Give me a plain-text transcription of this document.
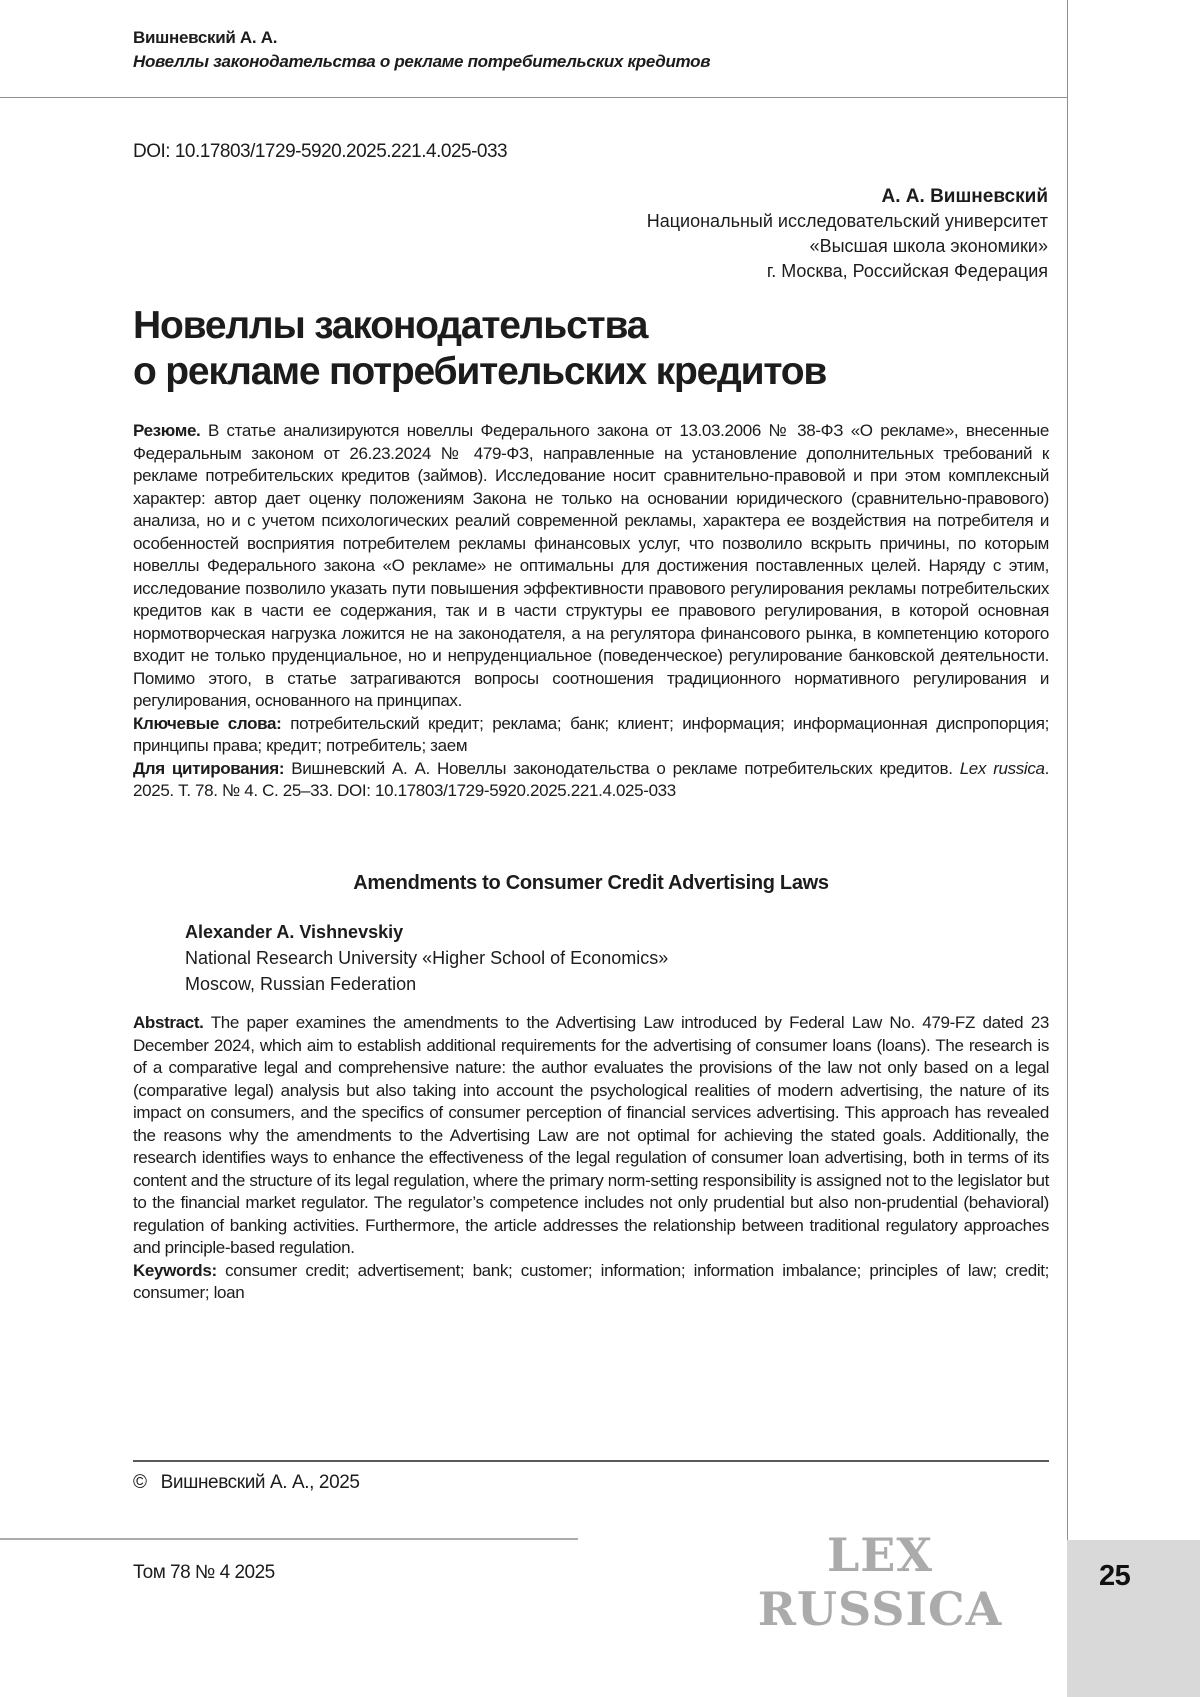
Вишневский А. А.
Новеллы законодательства о рекламе потребительских кредитов
DOI: 10.17803/1729-5920.2025.221.4.025-033
А. А. Вишневский
Национальный исследовательский университет
«Высшая школа экономики»
г. Москва, Российская Федерация
Новеллы законодательства
о рекламе потребительских кредитов

Резюме. В статье анализируются новеллы Федерального закона от 13.03.2006 № 38-ФЗ «О рекламе», внесенные Федеральным законом от 26.23.2024 № 479-ФЗ, направленные на установление дополнительных требований к рекламе потребительских кредитов (займов). Исследование носит сравнительно-правовой и при этом комплексный характер: автор дает оценку положениям Закона не только на основании юридического (сравнительно-правового) анализа, но и с учетом психологических реалий современной рекламы, характера ее воздействия на потребителя и особенностей восприятия потребителем рекламы финансовых услуг, что позволило вскрыть причины, по которым новеллы Федерального закона «О рекламе» не оптимальны для достижения поставленных целей. Наряду с этим, исследование позволило указать пути повышения эффективности правового регулирования рекламы потребительских кредитов как в части ее содержания, так и в части структуры ее правового регулирования, в которой основная нормотворческая нагрузка ложится не на законодателя, а на регулятора финансового рынка, в компетенцию которого входит не только пруденциальное, но и непруденциальное (поведенческое) регулирование банковской деятельности. Помимо этого, в статье затрагиваются вопросы соотношения традиционного нормативного регулирования и регулирования, основанного на принципах.

Ключевые слова: потребительский кредит; реклама; банк; клиент; информация; информационная диспропорция; принципы права; кредит; потребитель; заем

Для цитирования: Вишневский А. А. Новеллы законодательства о рекламе потребительских кредитов. Lex russica. 2025. Т. 78. № 4. С. 25–33. DOI: 10.17803/1729-5920.2025.221.4.025-033

Amendments to Consumer Credit Advertising Laws
Alexander A. Vishnevskiy
National Research University «Higher School of Economics»
Moscow, Russian Federation

Abstract. The paper examines the amendments to the Advertising Law introduced by Federal Law No. 479-FZ dated 23 December 2024, which aim to establish additional requirements for the advertising of consumer loans (loans). The research is of a comparative legal and comprehensive nature: the author evaluates the provisions of the law not only based on a legal (comparative legal) analysis but also taking into account the psychological realities of modern advertising, the nature of its impact on consumers, and the specifics of consumer perception of financial services advertising. This approach has revealed the reasons why the amendments to the Advertising Law are not optimal for achieving the stated goals. Additionally, the research identifies ways to enhance the effectiveness of the legal regulation of consumer loan advertising, both in terms of its content and the structure of its legal regulation, where the primary norm-setting responsibility is assigned not to the legislator but to the financial market regulator. The regulator’s competence includes not only prudential but also non-prudential (behavioral) regulation of banking activities. Furthermore, the article addresses the relationship between traditional regulatory approaches and principle-based regulation.

Keywords: consumer credit; advertisement; bank; customer; information; information imbalance; principles of law; credit; consumer; loan

© Вишневский А. А., 2025
Том 78 № 4 2025	LEX RUSSICA
25
